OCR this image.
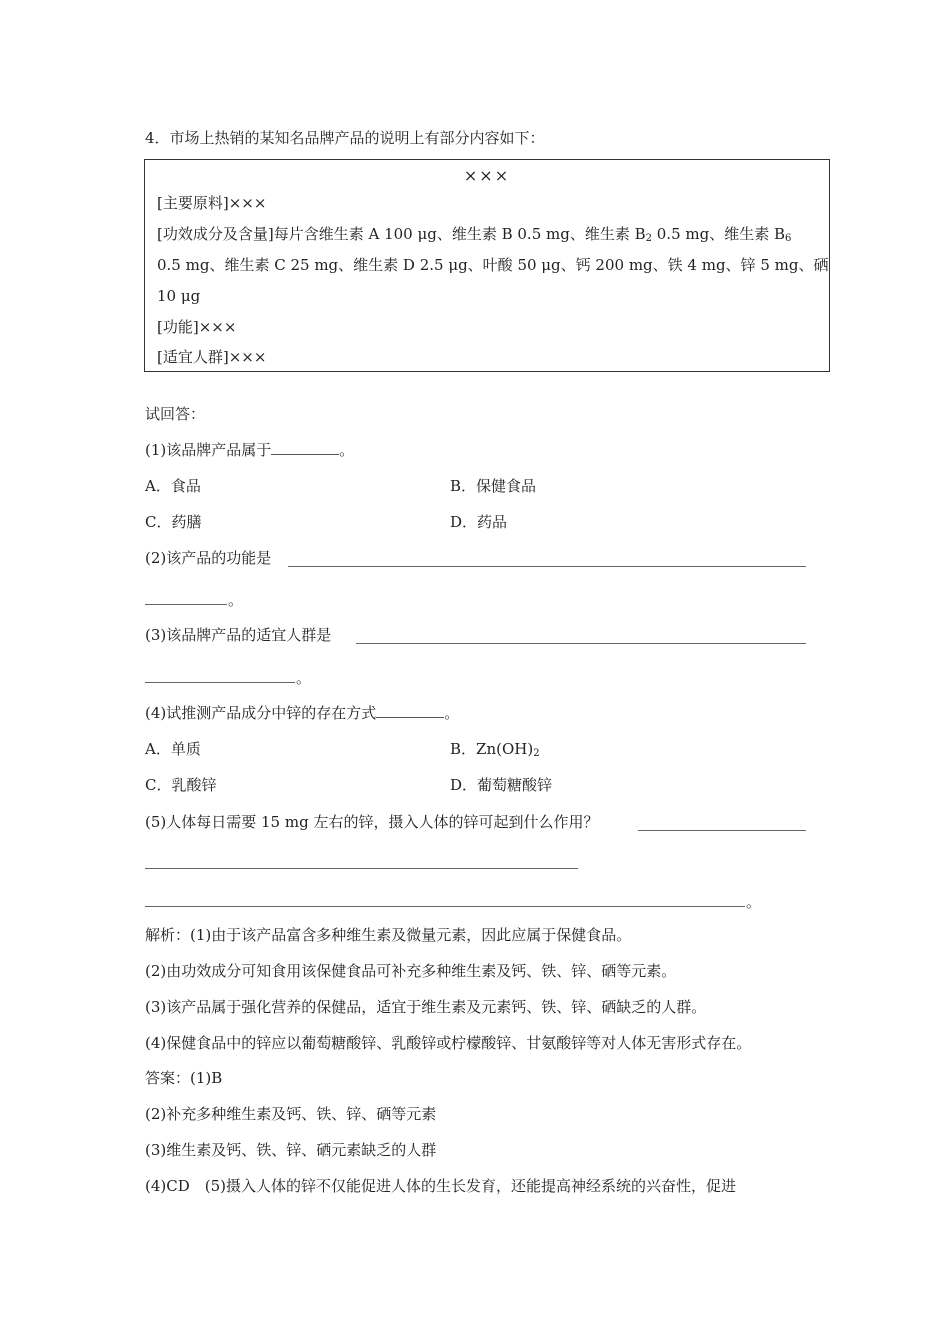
4．市场上热销的某知名品牌产品的说明上有部分内容如下：
×××
[主要原料]×××
[功效成分及含量]每片含维生素 A 100 μg、维生素 B 0.5 mg、维生素 $B_2$ 0.5 mg、维生素 $B_6$
0.5 mg、维生素 C 25 mg、维生素 D 2.5 μg、叶酸 50 μg、钙 200 mg、铁 4 mg、锌 5 mg、硒
10 μg
[功能]×××
[适宜人群]×××
试回答：
(1)该品牌产品属于	。
A．食品	B．保健食品
C．药膳	D．药品
(2)该产品的功能是
。
(3)该品牌产品的适宜人群是
。
(4)试推测产品成分中锌的存在方式	。
A．单质	B．$Zn(OH)_2$
C．乳酸锌	D．葡萄糖酸锌
(5)人体每日需要 15 mg 左右的锌，摄入人体的锌可起到什么作用？
。
解析：(1)由于该产品富含多种维生素及微量元素，因此应属于保健食品。
(2)由功效成分可知食用该保健食品可补充多种维生素及钙、铁、锌、硒等元素。
(3)该产品属于强化营养的保健品，适宜于维生素及元素钙、铁、锌、硒缺乏的人群。
(4)保健食品中的锌应以葡萄糖酸锌、乳酸锌或柠檬酸锌、甘氨酸锌等对人体无害形式存在。
答案：(1)B
(2)补充多种维生素及钙、铁、锌、硒等元素
(3)维生素及钙、铁、锌、硒元素缺乏的人群
(4)CD　(5)摄入人体的锌不仅能促进人体的生长发育，还能提高神经系统的兴奋性，促进
